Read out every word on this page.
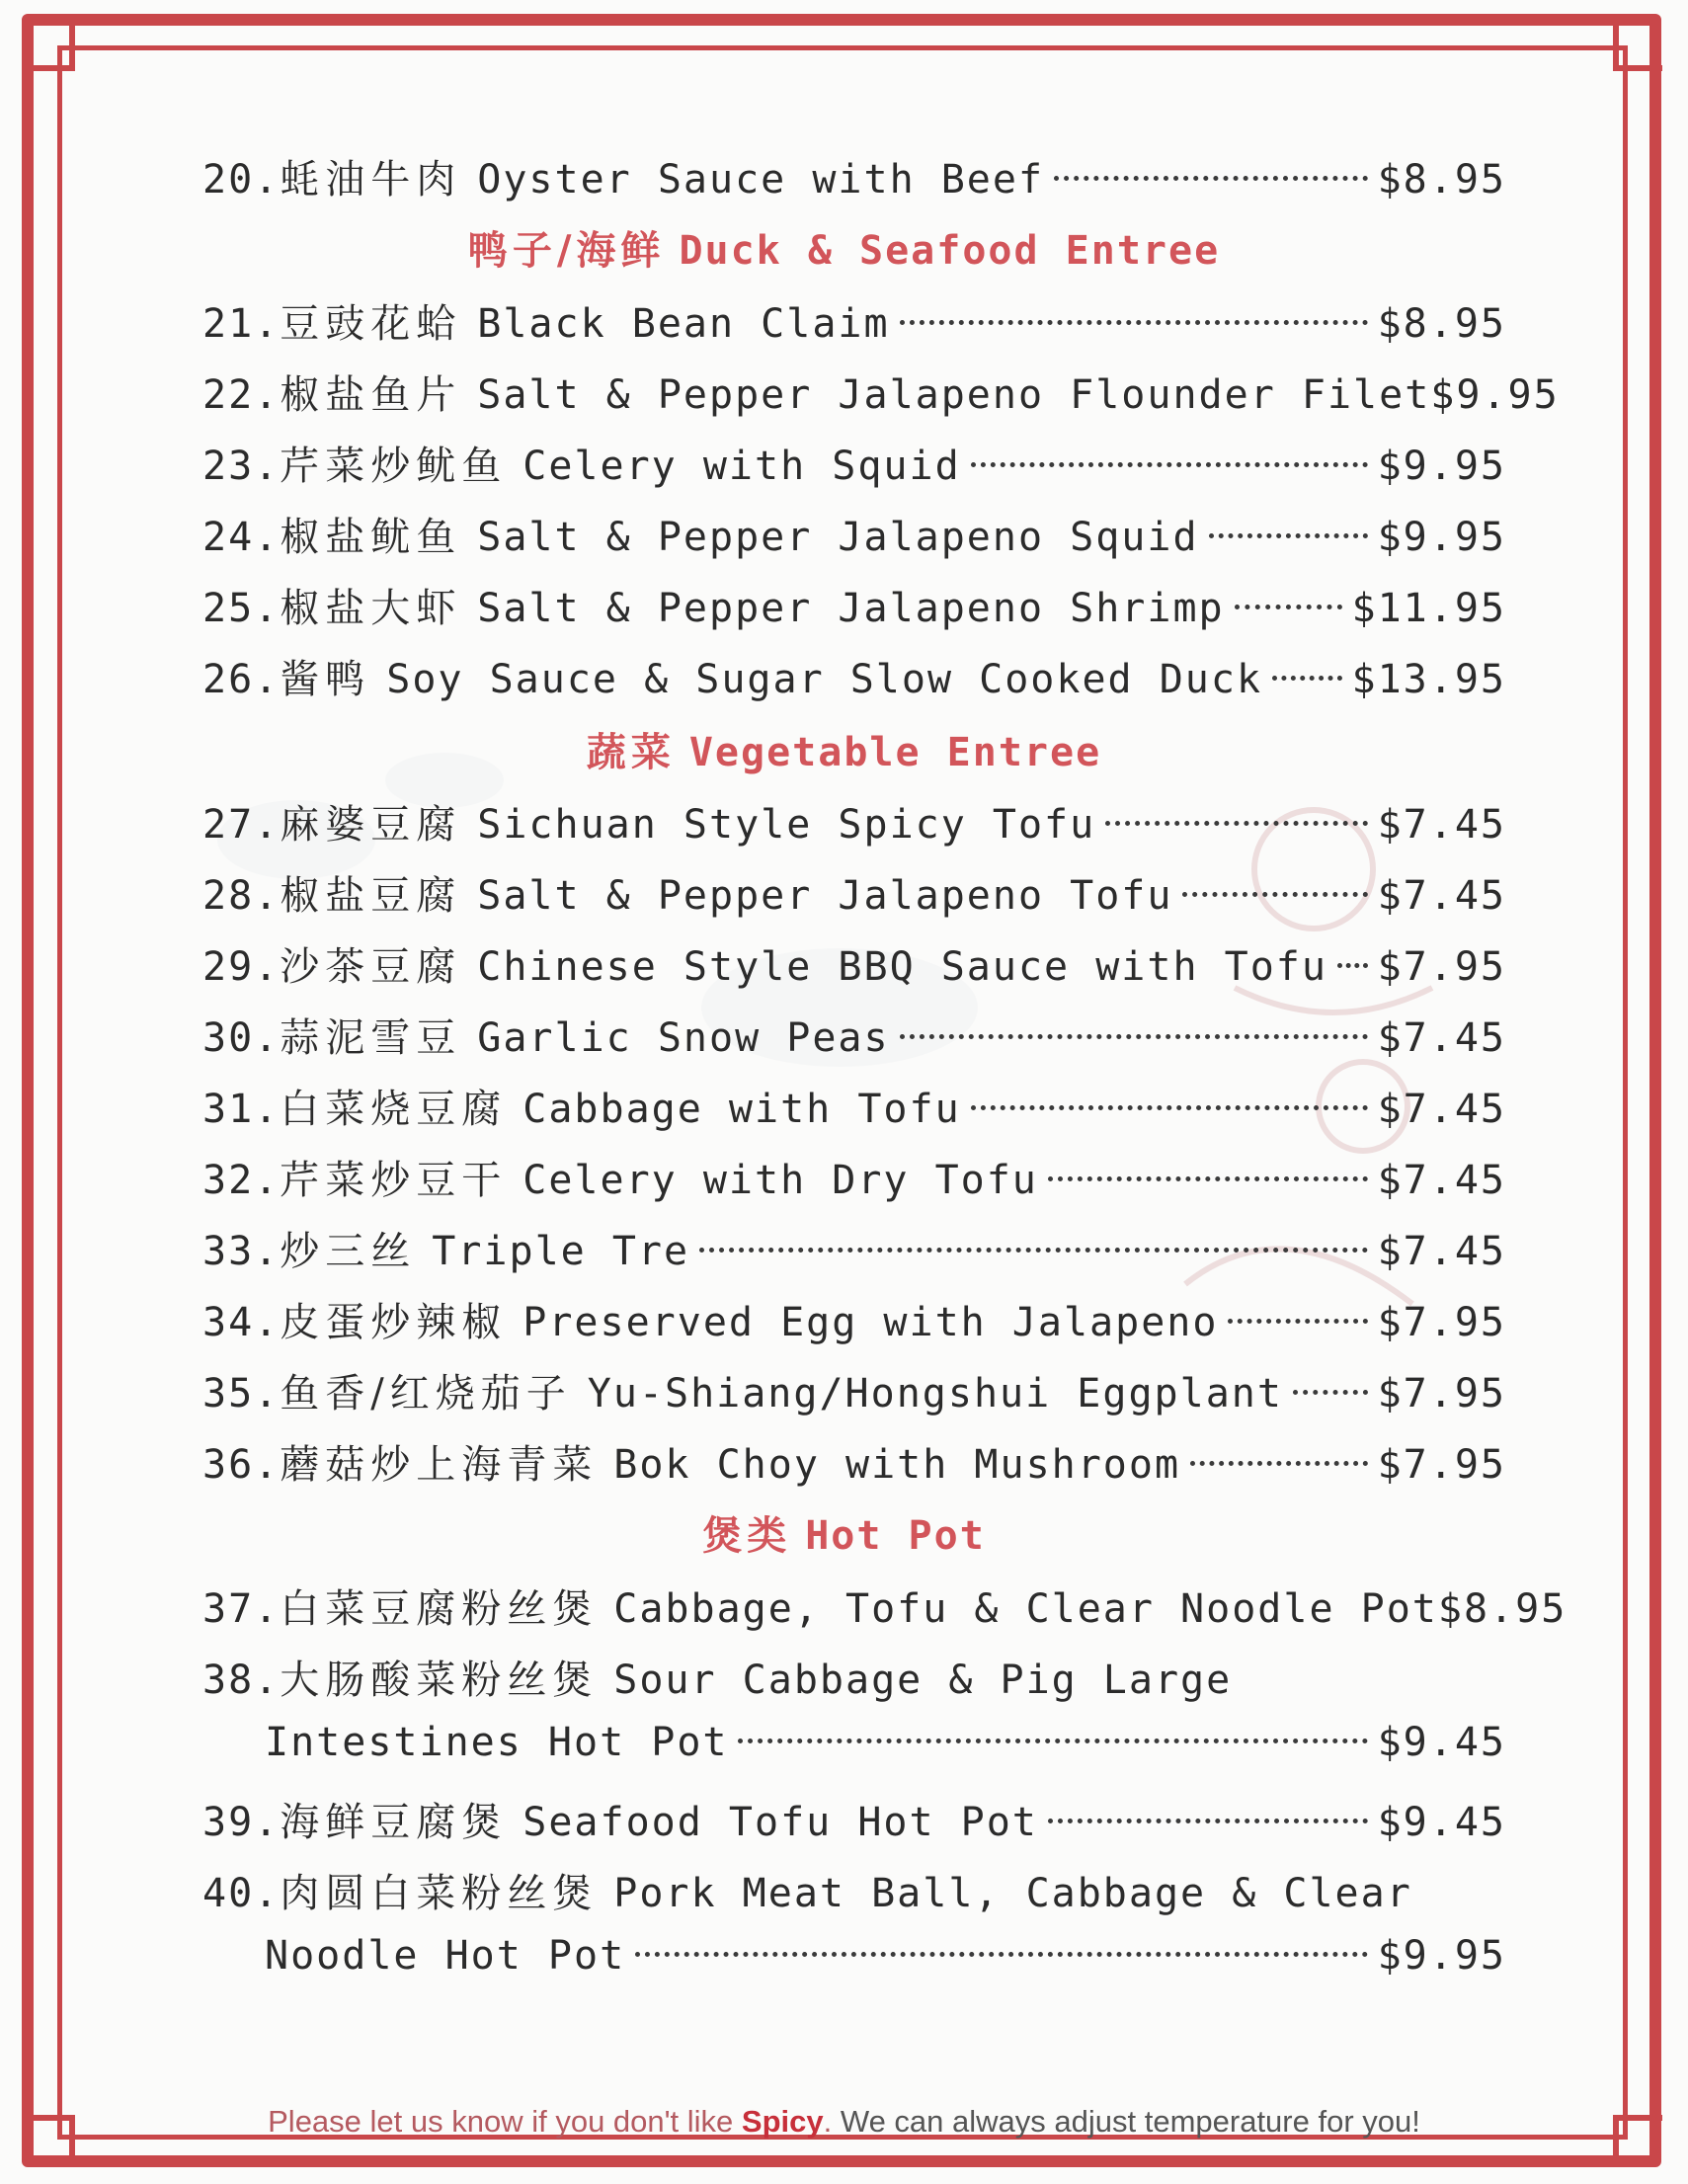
20. 蚝油牛肉 Oyster Sauce with Beef	$8.95
鸭子/海鲜 Duck & Seafood Entree
21. 豆豉花蛤 Black Bean Claim	$8.95
22. 椒盐鱼片 Salt & Pepper Jalapeno Flounder Filet $9.95
23. 芹菜炒鱿鱼 Celery with Squid	$9.95
24. 椒盐鱿鱼 Salt & Pepper Jalapeno Squid	$9.95
25. 椒盐大虾 Salt & Pepper Jalapeno Shrimp	$11.95
26. 酱鸭 Soy Sauce & Sugar Slow Cooked Duck $13.95
蔬菜 Vegetable Entree
27. 麻婆豆腐 Sichuan Style Spicy Tofu	$7.45
28. 椒盐豆腐 Salt & Pepper Jalapeno Tofu	$7.45
29. 沙茶豆腐 Chinese Style BBQ Sauce with Tofu $7.95
30. 蒜泥雪豆 Garlic Snow Peas	$7.45
31. 白菜烧豆腐 Cabbage with Tofu	$7.45
32. 芹菜炒豆干 Celery with Dry Tofu	$7.45
33. 炒三丝 Triple Tre	$7.45
34. 皮蛋炒辣椒 Preserved Egg with Jalapeno	$7.95
35. 鱼香/红烧茄子 Yu-Shiang/Hongshui Eggplant $7.95
36. 蘑菇炒上海青菜 Bok Choy with Mushroom	$7.95
煲类 Hot Pot
37. 白菜豆腐粉丝煲 Cabbage, Tofu & Clear Noodle Pot $8.95
38. 大肠酸菜粉丝煲 Sour Cabbage & Pig Large
Intestines Hot Pot	$9.45
39. 海鲜豆腐煲 Seafood Tofu Hot Pot	$9.45
40. 肉圆白菜粉丝煲 Pork Meat Ball, Cabbage & Clear
Noodle Hot Pot	$9.95
Please let us know if you don't like Spicy. We can always adjust temperature for you!
